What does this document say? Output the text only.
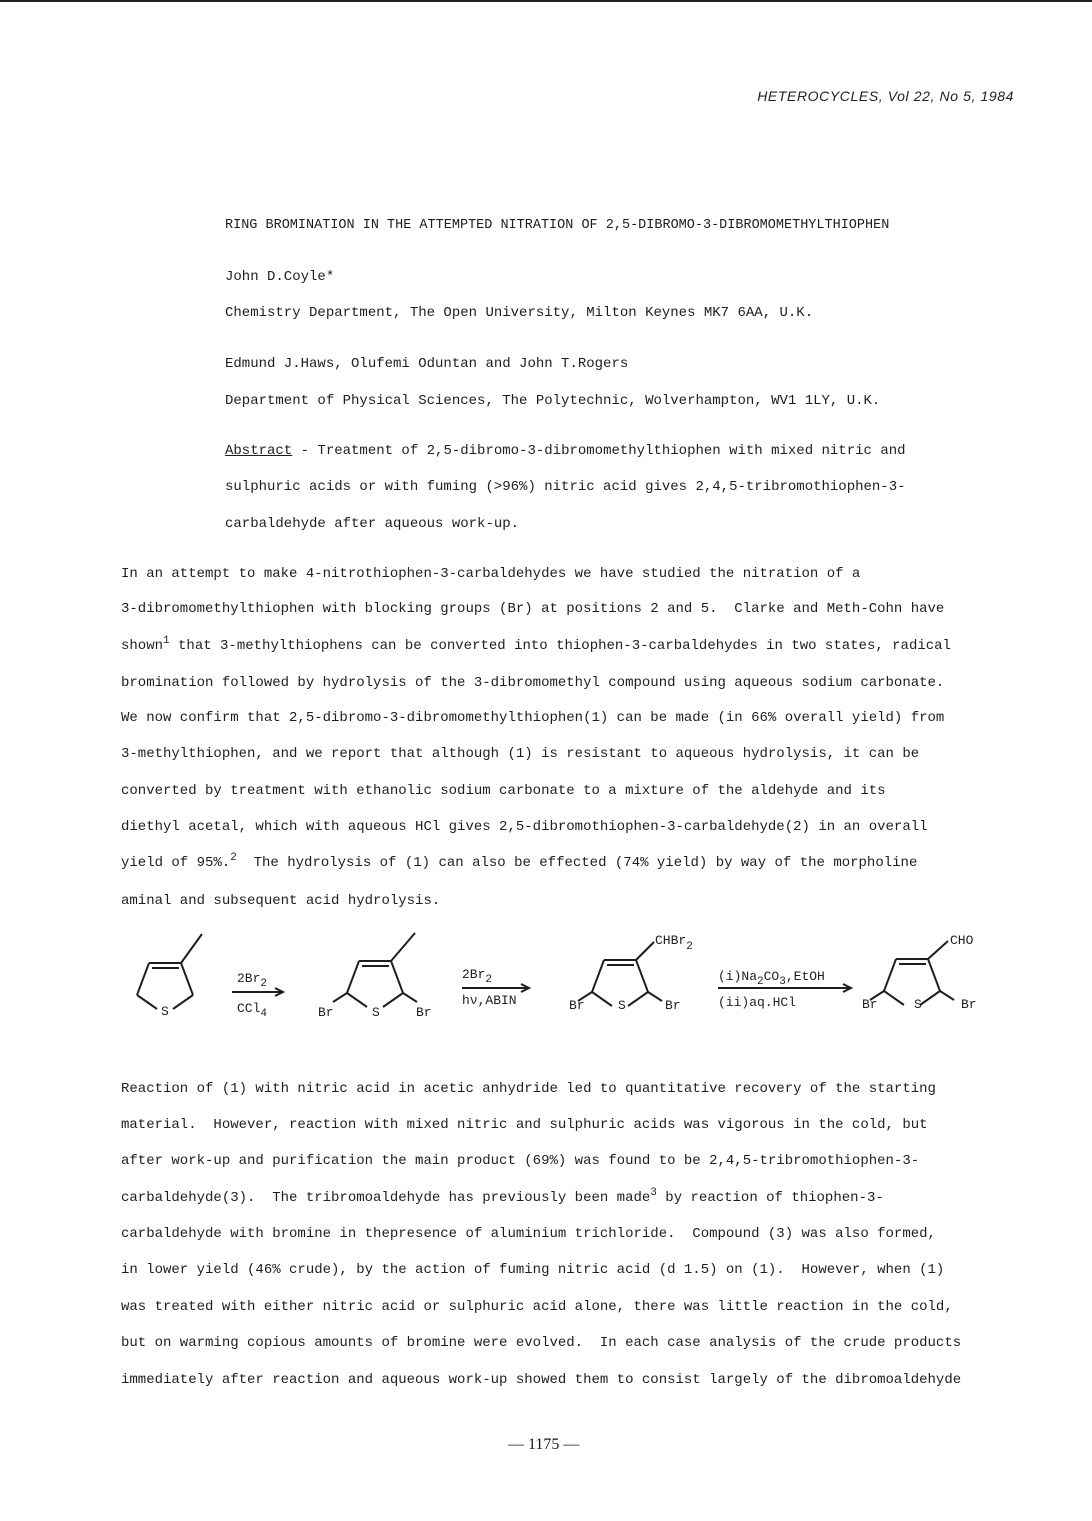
HETEROCYCLES, Vol 22, No 5, 1984
RING BROMINATION IN THE ATTEMPTED NITRATION OF 2,5-DIBROMO-3-DIBROMOMETHYLTHIOPHEN
John D.Coyle*
Chemistry Department, The Open University, Milton Keynes MK7 6AA, U.K.
Edmund J.Haws, Olufemi Oduntan and John T.Rogers
Department of Physical Sciences, The Polytechnic, Wolverhampton, WV1 1LY, U.K.
Abstract - Treatment of 2,5-dibromo-3-dibromomethylthiophen with mixed nitric and
sulphuric acids or with fuming (>96%) nitric acid gives 2,4,5-tribromothiophen-3-
carbaldehyde after aqueous work-up.
In an attempt to make 4-nitrothiophen-3-carbaldehydes we have studied the nitration of a
3-dibromomethylthiophen with blocking groups (Br) at positions 2 and 5.  Clarke and Meth-Cohn have
shown$^1$ that 3-methylthiophens can be converted into thiophen-3-carbaldehydes in two states, radical
bromination followed by hydrolysis of the 3-dibromomethyl compound using aqueous sodium carbonate.
We now confirm that 2,5-dibromo-3-dibromomethylthiophen(1) can be made (in 66% overall yield) from
3-methylthiophen, and we report that although (1) is resistant to aqueous hydrolysis, it can be
converted by treatment with ethanolic sodium carbonate to a mixture of the aldehyde and its
diethyl acetal, which with aqueous HCl gives 2,5-dibromothiophen-3-carbaldehyde(2) in an overall
yield of 95%.$^2$  The hydrolysis of (1) can also be effected (74% yield) by way of the morpholine
aminal and subsequent acid hydrolysis.
S
$2Br_2$
CCl$_4$	Br	S	Br
$2Br_2$
hν,ABIN
CHBr$_2$
Br	S	Br
$(i)Na_2CO_3,EtOH$
(ii)aq.HCl
CHO
Br	S	Br
Reaction of (1) with nitric acid in acetic anhydride led to quantitative recovery of the starting
material.  However, reaction with mixed nitric and sulphuric acids was vigorous in the cold, but
after work-up and purification the main product (69%) was found to be 2,4,5-tribromothiophen-3-
carbaldehyde(3).  The tribromoaldehyde has previously been made$^3$ by reaction of thiophen-3-
carbaldehyde with bromine in thepresence of aluminium trichloride.  Compound (3) was also formed,
in lower yield (46% crude), by the action of fuming nitric acid (d 1.5) on (1).  However, when (1)
was treated with either nitric acid or sulphuric acid alone, there was little reaction in the cold,
but on warming copious amounts of bromine were evolved.  In each case analysis of the crude products
immediately after reaction and aqueous work-up showed them to consist largely of the dibromoaldehyde
— 1175 —
